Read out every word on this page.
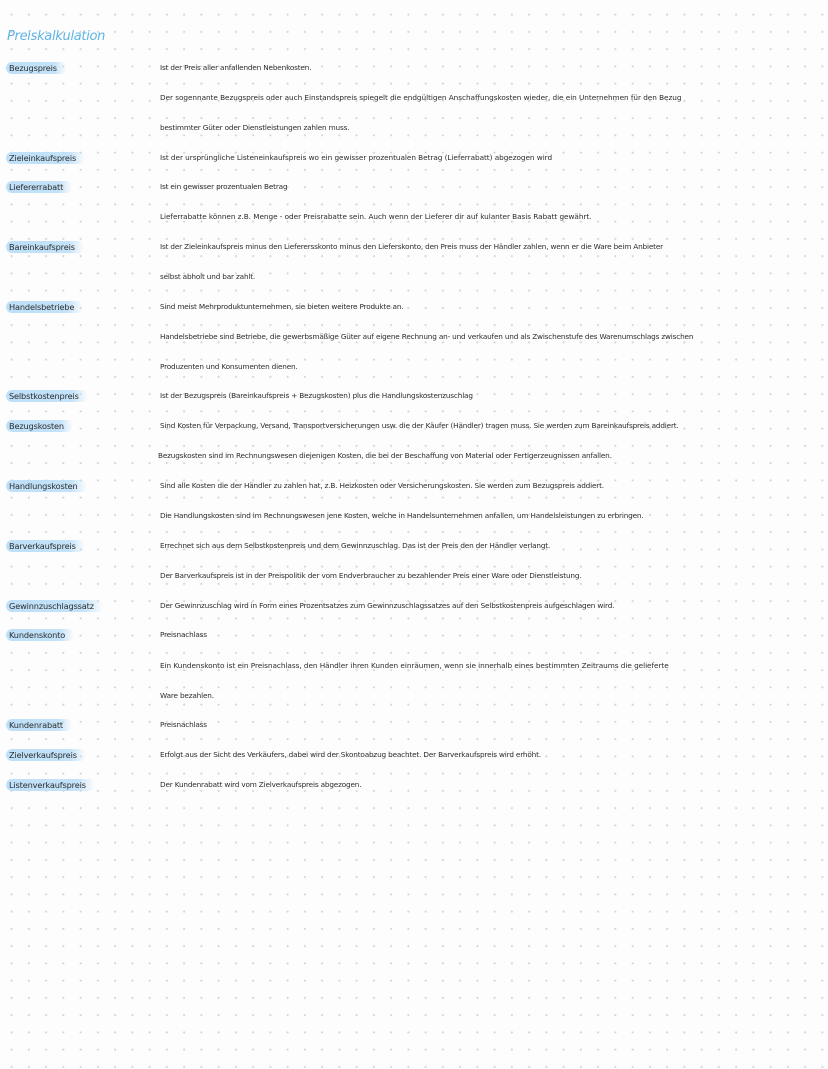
Preiskalkulation
Bezugspreis	Ist der Preis aller anfallenden Nebenkosten.
Der sogennante Bezugspreis oder auch Einstandspreis spiegelt die endgültigen Anschaffungskosten wieder, die ein Unternehmen für den Bezug
bestimmter Güter oder Dienstleistungen zahlen muss.
Zieleinkaufspreis	Ist der ursprüngliche Listeneinkaufspreis wo ein gewisser prozentualen Betrag (Lieferrabatt) abgezogen wird
Liefererrabatt	Ist ein gewisser prozentualen Betrag
Lieferrabatte können z.B. Menge - oder Preisrabatte sein. Auch wenn der Lieferer dir auf kulanter Basis Rabatt gewährt.
Bareinkaufspreis	Ist der Zieleinkaufspreis minus den Lieferersskonto minus den Lieferskonto, den Preis muss der Händler zahlen, wenn er die Ware beim Anbieter
selbst abholt und bar zahlt.
Handelsbetriebe	Sind meist Mehrproduktunternehmen, sie bieten weitere Produkte an.
Handelsbetriebe sind Betriebe, die gewerbsmäßige Güter auf eigene Rechnung an- und verkaufen und als Zwischenstufe des Warenumschlags zwischen
Produzenten und Konsumenten dienen.
Selbstkostenpreis	Ist der Bezugspreis (Bareinkaufspreis + Bezugskosten) plus die Handlungskostenzuschlag
Bezugskosten	Sind Kosten für Verpackung, Versand, Transportversicherungen usw. die der Käufer (Händler) tragen muss. Sie werden zum Bareinkaufspreis addiert.
Bezugskosten sind im Rechnungswesen diejenigen Kosten, die bei der Beschaffung von Material oder Fertigerzeugnissen anfallen.
Handlungskosten	Sind alle Kosten die der Händler zu zahlen hat, z.B. Heizkosten oder Versicherungskosten. Sie werden zum Bezugspreis addiert.
Die Handlungskosten sind im Rechnungswesen jene Kosten, welche in Handelsunternehmen anfallen, um Handelsleistungen zu erbringen.
Barverkaufspreis	Errechnet sich aus dem Selbstkostenpreis und dem Gewinnzuschlag. Das ist der Preis den der Händler verlangt.
Der Barverkaufspreis ist in der Preispolitik der vom Endverbraucher zu bezahlender Preis einer Ware oder Dienstleistung.
Gewinnzuschlagssatz	Der Gewinnzuschlag wird in Form eines Prozentsatzes zum Gewinnzuschlagssatzes auf den Selbstkostenpreis aufgeschlagen wird.
Kundenskonto	Preisnachlass
Ein Kundenskonto ist ein Preisnachlass, den Händler ihren Kunden einräumen, wenn sie innerhalb eines bestimmten Zeitraums die gelieferte
Ware bezahlen.
Kundenrabatt	Preisnachlass
Zielverkaufspreis	Erfolgt aus der Sicht des Verkäufers, dabei wird der Skontoabzug beachtet. Der Barverkaufspreis wird erhöht.
Listenverkaufspreis	Der Kundenrabatt wird vom Zielverkaufspreis abgezogen.
